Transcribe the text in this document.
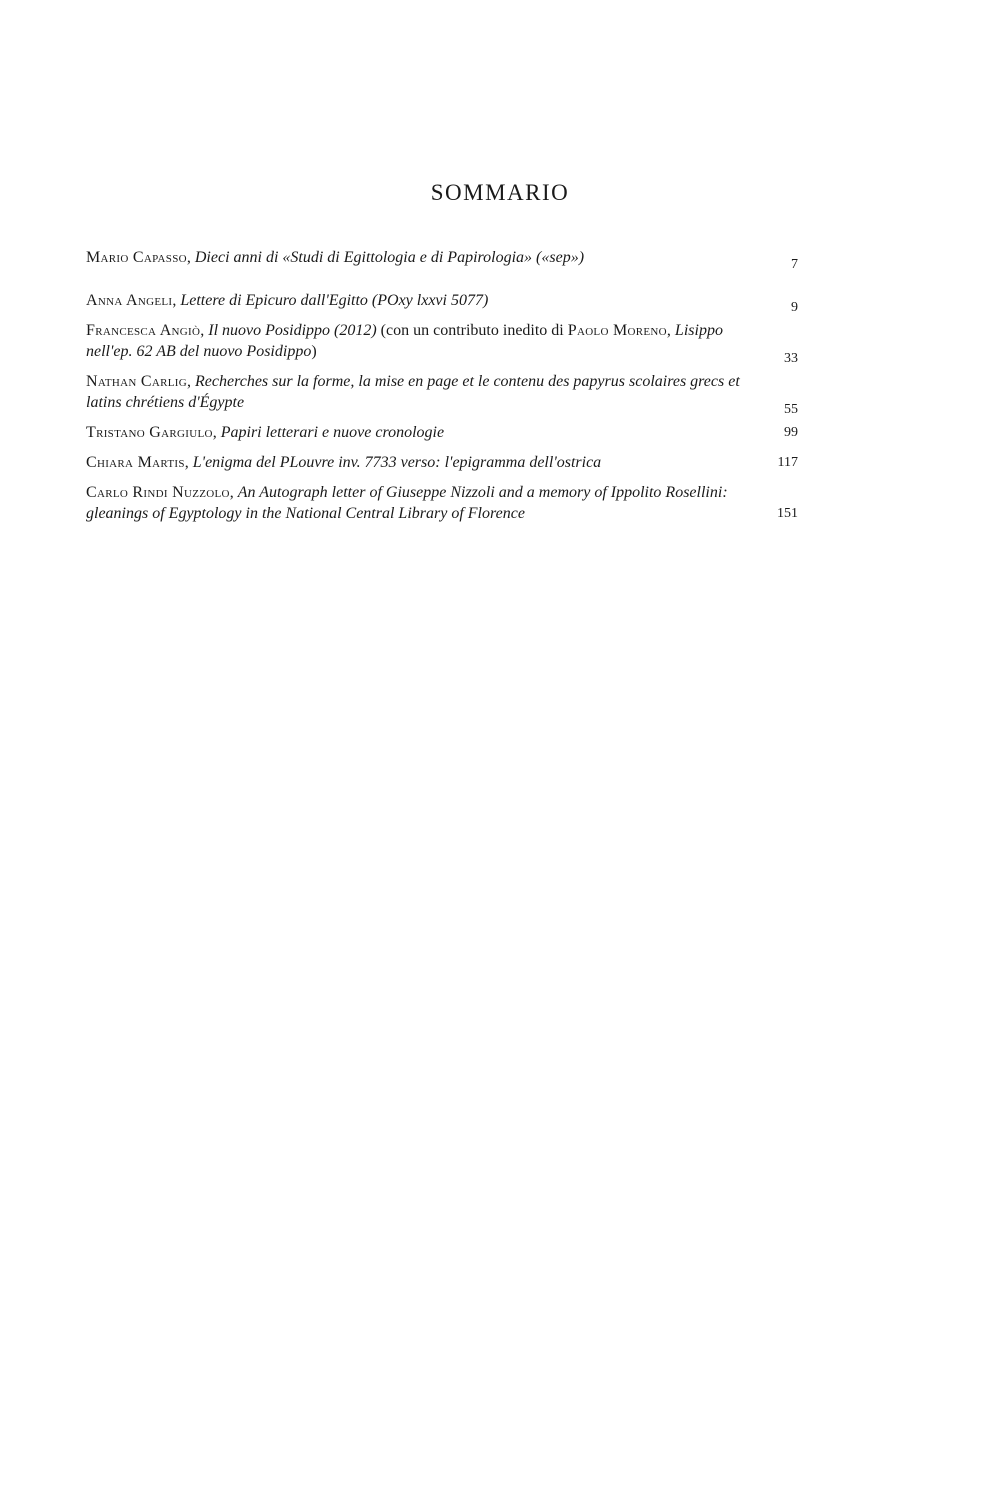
SOMMARIO
Mario Capasso, Dieci anni di «Studi di Egittologia e di Papirologia» («sep»)	7
Anna Angeli, Lettere di Epicuro dall'Egitto (POxy lxxvi 5077)	9
Francesca Angiò, Il nuovo Posidippo (2012) (con un contributo inedito di Paolo Moreno, Lisippo nell'ep. 62 AB del nuovo Posidippo)	33
Nathan Carlig, Recherches sur la forme, la mise en page et le contenu des papyrus scolaires grecs et latins chrétiens d'Égypte	55
Tristano Gargiulo, Papiri letterari e nuove cronologie	99
Chiara Martis, L'enigma del PLouvre inv. 7733 verso: l'epigramma dell'ostrica	117
Carlo Rindi Nuzzolo, An Autograph letter of Giuseppe Nizzoli and a memory of Ippolito Rosellini: gleanings of Egyptology in the National Central Library of Florence	151
